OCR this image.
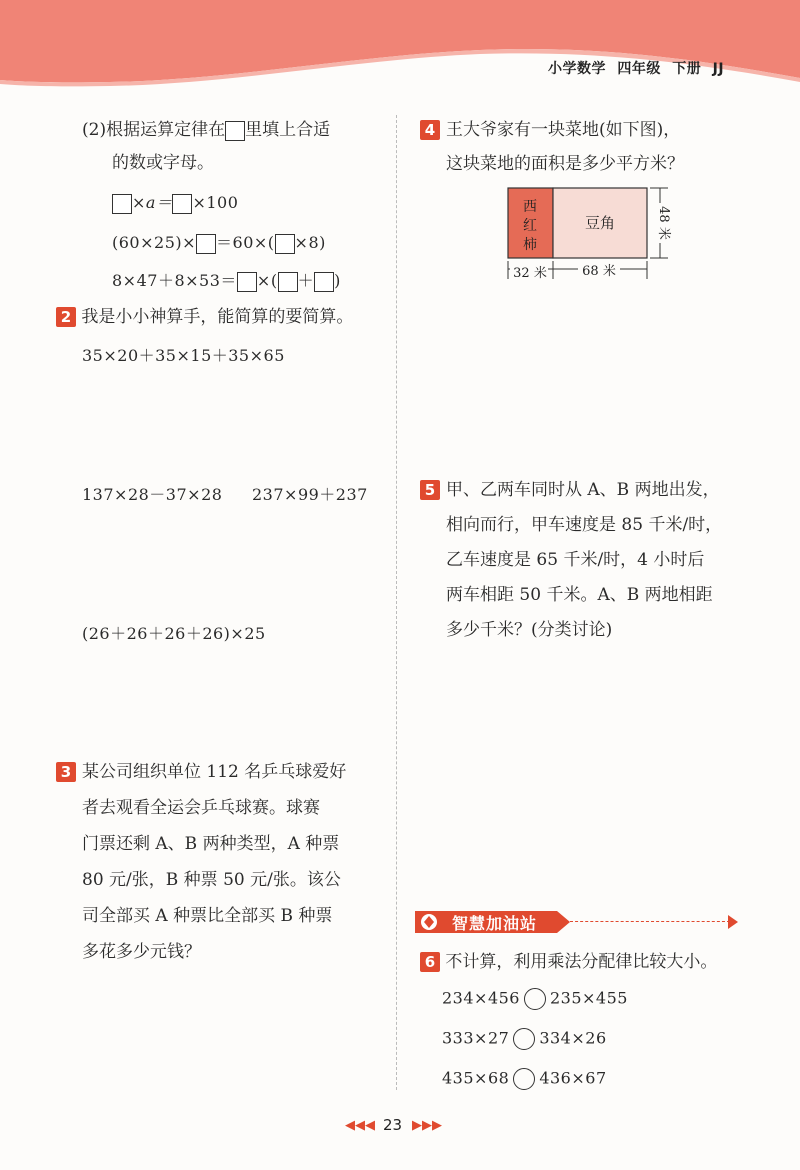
小学数学 四年级 下册 JJ
(2)根据运算定律在 里填上合适
的数或字母。
×a＝ ×100
(60×25)× ＝60×( ×8)
8×47＋8×53＝ ×( ＋ )
2 我是小小神算手，能简算的要简算。
35×20＋35×15＋35×65
137×28－37×28 237×99＋237
(26＋26＋26＋26)×25
3 某公司组织单位 112 名乒乓球爱好
者去观看全运会乒乓球赛。球赛
门票还剩 A、B 两种类型，A 种票
80 元/张，B 种票 50 元/张。该公
司全部买 A 种票比全部买 B 种票
多花多少元钱？
4 王大爷家有一块菜地(如下图)，
这块菜地的面积是多少平方米？
西
红
柿
豆角
32 米	68 米
48 米
5 甲、乙两车同时从 A、B 两地出发，
相向而行，甲车速度是 85 千米/时，
乙车速度是 65 千米/时，4 小时后
两车相距 50 千米。A、B 两地相距
多少千米？(分类讨论)
智慧加油站
6 不计算，利用乘法分配律比较大小。
234×456 235×455
333×27 334×26
435×68 436×67
◀◀◀ 23 ▶▶▶
